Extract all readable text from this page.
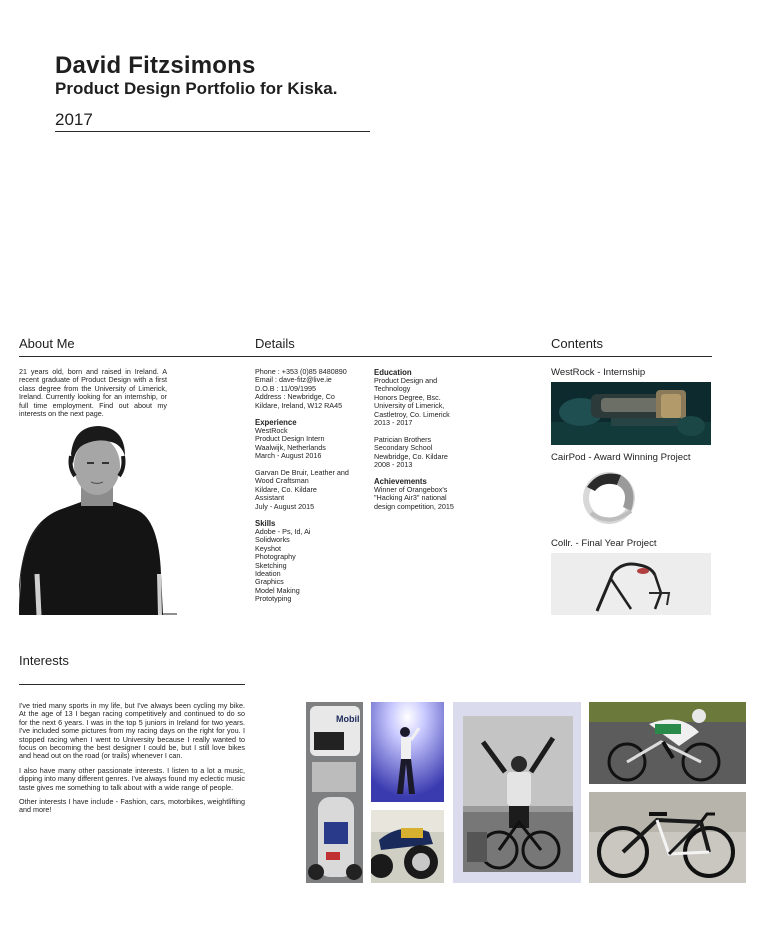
David Fitzsimons
Product Design Portfolio for Kiska.
2017
About Me	Details	Contents
21 years old, born and raised in Ireland. A recent graduate of Product Design with a first class degree from the University of Limerick, Ireland. Currently looking for an internship, or full time employment. Find out about my interests on the next page.
Phone : +353 (0)85 8480890
Email : dave-fitz@live.ie
D.O.B : 11/09/1995
Address : Newbridge, Co
Kildare, Ireland, W12 RA45
Experience
WestRock
Product Design Intern
Waalwijk, Netherlands
March - August 2016
Garvan De Bruir, Leather and
Wood Craftsman
Kildare, Co. Kildare
Assistant
July - August 2015
Skills
Adobe - Ps, Id, Ai
Solidworks
Keyshot
Photography
Sketching
Ideation
Graphics
Model Making
Prototyping
Education
Product Design and
Technology
Honors Degree, Bsc.
University of Limerick,
Castletroy, Co. Limerick
2013 - 2017
Patrician Brothers
Secondary School
Newbridge, Co. Kildare
2008 - 2013
Achievements
Winner of Orangebox's
"Hacking Air3" national
design competition, 2015
WestRock - Internship
CairPod - Award Winning Project
Collr. - Final Year Project
Interests
I've tried many sports in my life, but I've always been cycling my bike. At the age of 13 I began racing competitively and continued to do so for the next 6 years. I was in the top 5 juniors in Ireland for two years. I've included some pictures from my racing days on the right for you. I stopped racing when I went to University because I really wanted to focus on becoming the best designer I could be, but I still love bikes and head out on the road (or trails) whenever I can.
I also have many other passionate interests. I listen to a lot a music, dipping into many different genres. I've always found my eclectic music taste gives me something to talk about with a wide range of people.
Other interests I have include - Fashion, cars, motorbikes, weightlifting and more!
Mobil
